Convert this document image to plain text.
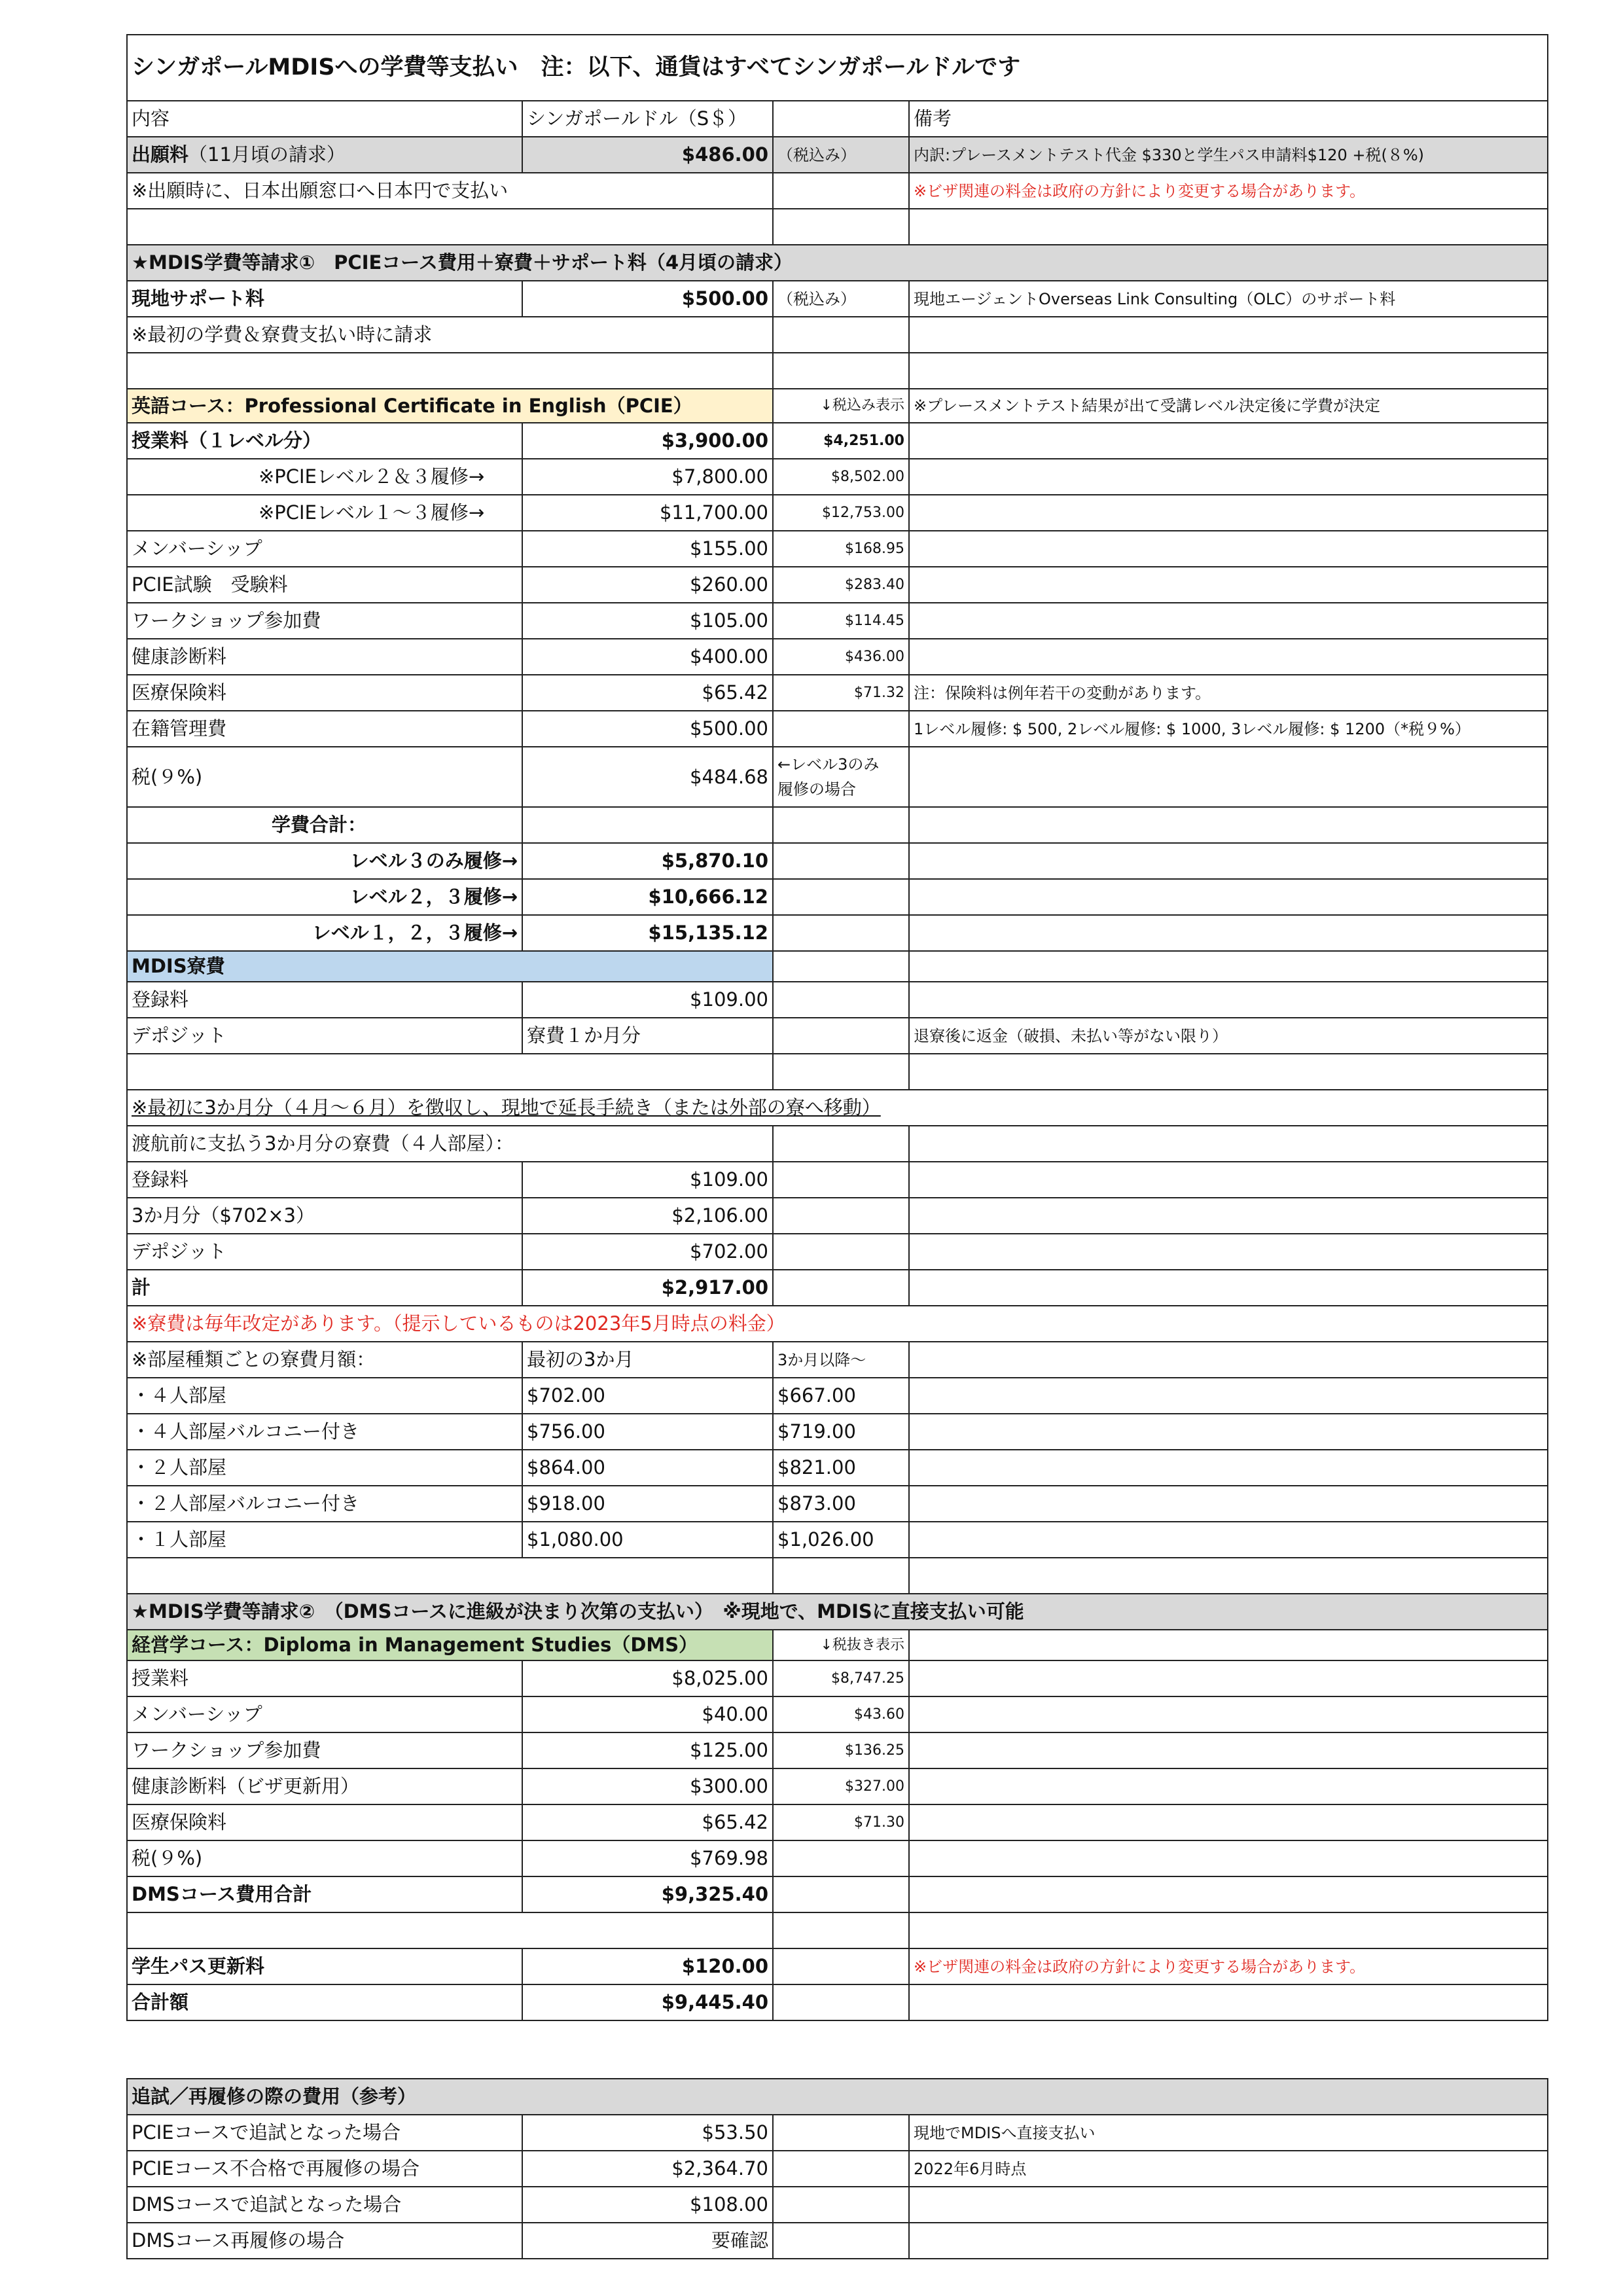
シンガポールMDISへの学費等支払い　注：以下、通貨はすべてシンガポールドルです			
内容	シンガポールドル（S＄）		備考
出願料（11月頃の請求）	$486.00	（税込み）	内訳:プレースメントテスト代金 $330と学生パス申請料$120 +税(８%)
※出願時に、日本出願窓口へ日本円で支払い			※ビザ関連の料金は政府の方針により変更する場合があります。

★MDIS学費等請求①　PCIEコース費用＋寮費＋サポート料（4月頃の請求）			
現地サポート料	$500.00	（税込み）	現地エージェントOverseas Link Consulting（OLC）のサポート料
※最初の学費＆寮費支払い時に請求			

英語コース：Professional Certificate in English（PCIE）		↓税込み表示	※プレースメントテスト結果が出て受講レベル決定後に学費が決定
授業料（１レベル分）	$3,900.00	$4,251.00	
※PCIEレベル２＆３履修→	$7,800.00	$8,502.00	
※PCIEレベル１～３履修→	$11,700.00	$12,753.00	
メンバーシップ	$155.00	$168.95	
PCIE試験　受験料	$260.00	$283.40	
ワークショップ参加費	$105.00	$114.45	
健康診断料	$400.00	$436.00	
医療保険料	$65.42	$71.32	注：保険料は例年若干の変動があります。
在籍管理費	$500.00		1レベル履修: $ 500, 2レベル履修: $ 1000, 3レベル履修: $ 1200（*税９%）
税(９%)	$484.68	←レベル3のみ
履修の場合	

学費合計：			
レベル３のみ履修→	$5,870.10		
レベル２，３履修→	$10,666.12		
レベル１，２，３履修→	$15,135.12		
MDIS寮費			
登録料	$109.00		
デポジット	寮費１か月分		退寮後に返金（破損、未払い等がない限り）

※最初に3か月分（４月～６月）を徴収し、現地で延長手続き（または外部の寮へ移動）			
渡航前に支払う3か月分の寮費（４人部屋）：			
登録料	$109.00		
3か月分（$702×3）	$2,106.00		
デポジット	$702.00		
計	$2,917.00		
※寮費は毎年改定があります。（提示しているものは2023年5月時点の料金）			
※部屋種類ごとの寮費月額：	最初の3か月	3か月以降～	
・４人部屋	$702.00	$667.00	
・４人部屋バルコニー付き	$756.00	$719.00	
・２人部屋	$864.00	$821.00	
・２人部屋バルコニー付き	$918.00	$873.00	
・１人部屋	$1,080.00	$1,026.00	

★MDIS学費等請求②　（DMSコースに進級が決まり次第の支払い）　※現地で、MDISに直接支払い可能			
経営学コース：Diploma in Management Studies（DMS）		↓税抜き表示	
授業料	$8,025.00	$8,747.25	
メンバーシップ	$40.00	$43.60	
ワークショップ参加費	$125.00	$136.25	
健康診断料（ビザ更新用）	$300.00	$327.00	
医療保険料	$65.42	$71.30	
税(９%)	$769.98		
DMSコース費用合計	$9,325.40		

学生パス更新料	$120.00		※ビザ関連の料金は政府の方針により変更する場合があります。
合計額	$9,445.40		
追試／再履修の際の費用（参考）			
PCIEコースで追試となった場合	$53.50		現地でMDISへ直接支払い
PCIEコース不合格で再履修の場合	$2,364.70		2022年6月時点
DMSコースで追試となった場合	$108.00		
DMSコース再履修の場合	要確認		
